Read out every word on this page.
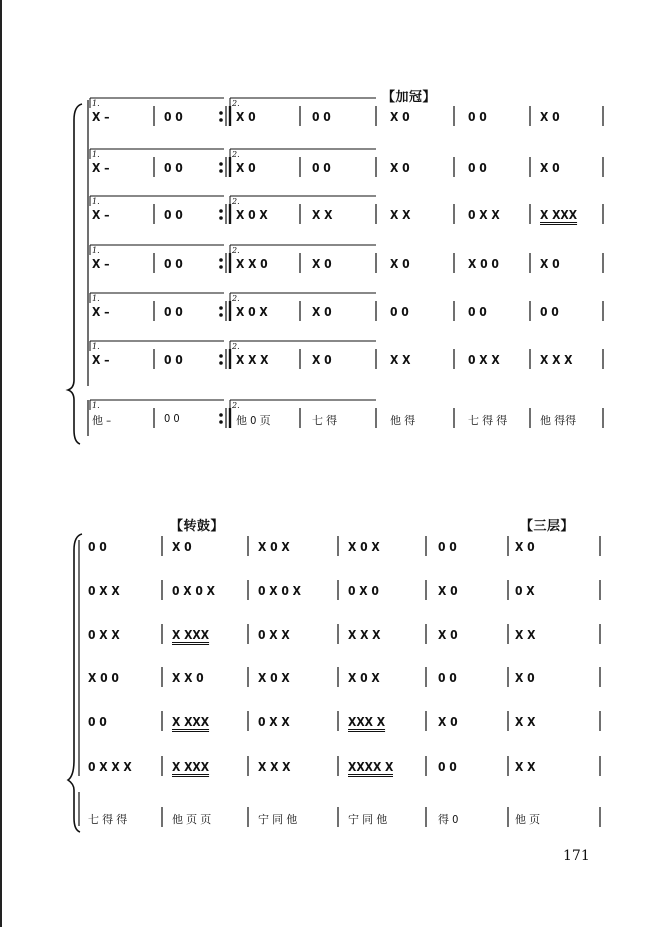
【加冠】
X –	0 0	X 0	0 0	X 0	0 0	X 0
1.	2.
X –	0 0	X 0	0 0	X 0	0 0	X 0
1.	2.
X –	0 0	X 0 X	X X	X X	0 X X	X XXX
1.	2.
X –	0 0	X X 0	X 0	X 0	X 0 0	X 0
1.	2.
X –	0 0	X 0 X	X 0	0 0	0 0	0 0
1.	2.
X –	0 0	X X X	X 0	X X	0 X X	X X X
1.	2.
他 –	0 0	他 0 页	七 得	他 得	七 得 得	他 得得
1.	2.
【转鼓】	【三层】
0 0	X 0	X 0 X	X 0 X	0 0	X 0
0 X X	0 X 0 X	0 X 0 X	0 X 0	X 0	0 X
0 X X	X XXX	0 X X	X X X	X 0	X X
X 0 0	X X 0	X 0 X	X 0 X	0 0	X 0
0 0	X XXX	0 X X	XXX X	X 0	X X
0 X X X	X XXX	X X X	XXXX X	0 0	X X
七 得 得	他 页 页	宁 同 他	宁 同 他	得 0	他 页
171
